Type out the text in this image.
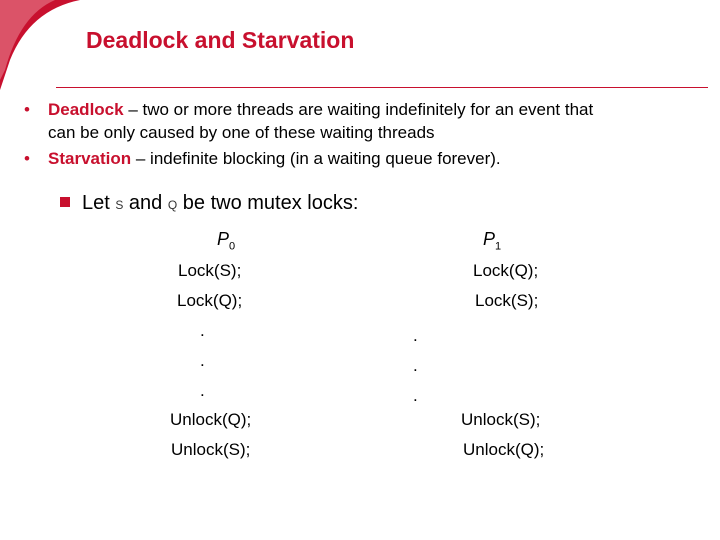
Deadlock and Starvation
• Deadlock – two or more threads are waiting indefinitely for an event that
can be only caused by one of these waiting threads
• Starvation – indefinite blocking (in a waiting queue forever).
Let S and Q be two mutex locks:
$P_0$
Lock(S);
Lock(Q);
.
.
.
Unlock(Q);
Unlock(S);
$P_1$
Lock(Q);
Lock(S);
.
.
.
Unlock(S);
Unlock(Q);
